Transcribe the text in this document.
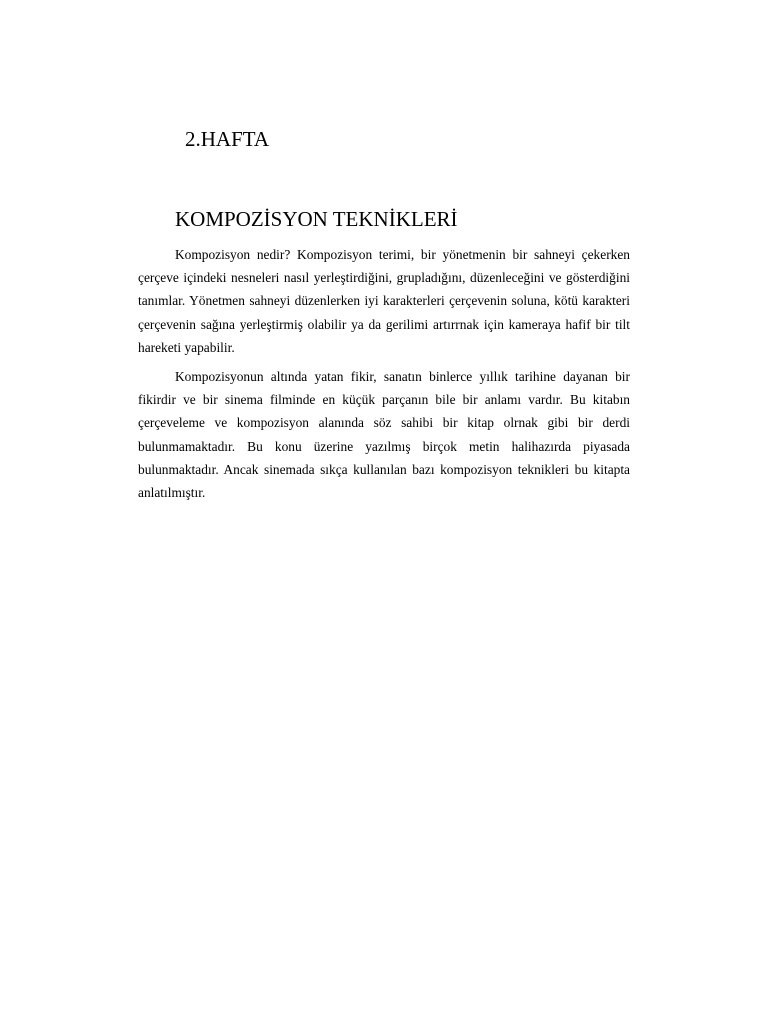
2.HAFTA
KOMPOZİSYON TEKNİKLERİ

Kompozisyon nedir? Kompozisyon terimi, bir yönetmenin bir sahneyi çekerken çerçeve içindeki nesneleri nasıl yerleştirdiğini, grupladığını, düzenleceğini ve gösterdiğini tanımlar. Yönetmen sahneyi düzenlerken iyi karakterleri çerçevenin soluna, kötü karakteri çerçevenin sağına yerleştirmiş olabilir ya da gerilimi artırrnak için kameraya hafif bir tilt hareketi yapabilir.

Kompozisyonun altında yatan fikir, sanatın binlerce yıllık tarihine dayanan bir fikirdir ve bir sinema filminde en küçük parçanın bile bir anlamı vardır. Bu kitabın çerçeveleme ve kompozisyon alanında söz sahibi bir kitap olrnak gibi bir derdi bulunmamaktadır. Bu konu üzerine yazılmış birçok metin halihazırda piyasada bulunmaktadır. Ancak sinemada sıkça kullanılan bazı kompozisyon teknikleri bu kitapta anlatılmıştır.
